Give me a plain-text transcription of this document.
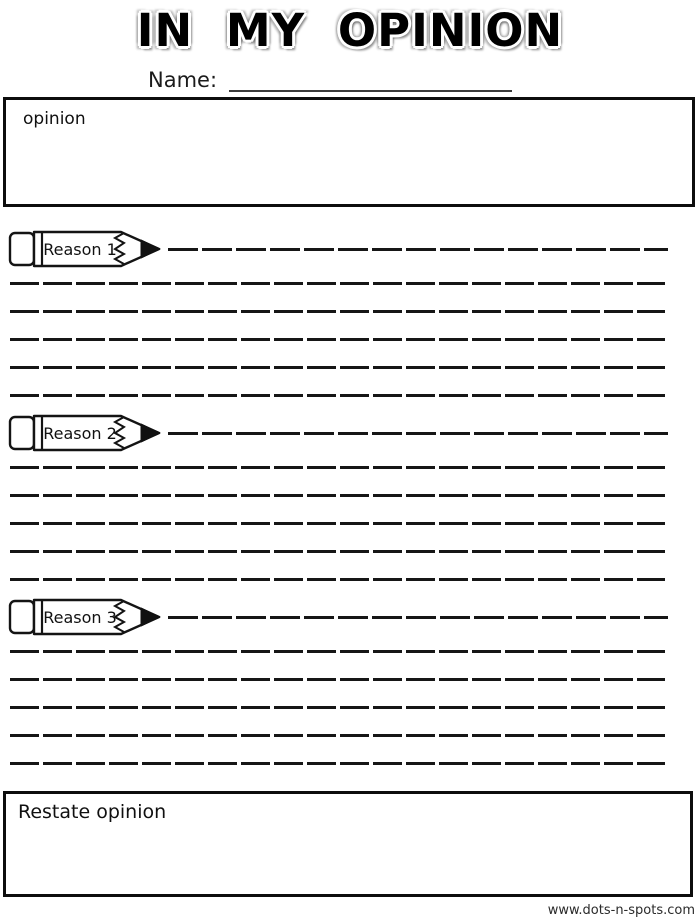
IN MY OPINION
Name:
opinion
Reason 1
Reason 2
Reason 3
Restate opinion
www.dots-n-spots.com
